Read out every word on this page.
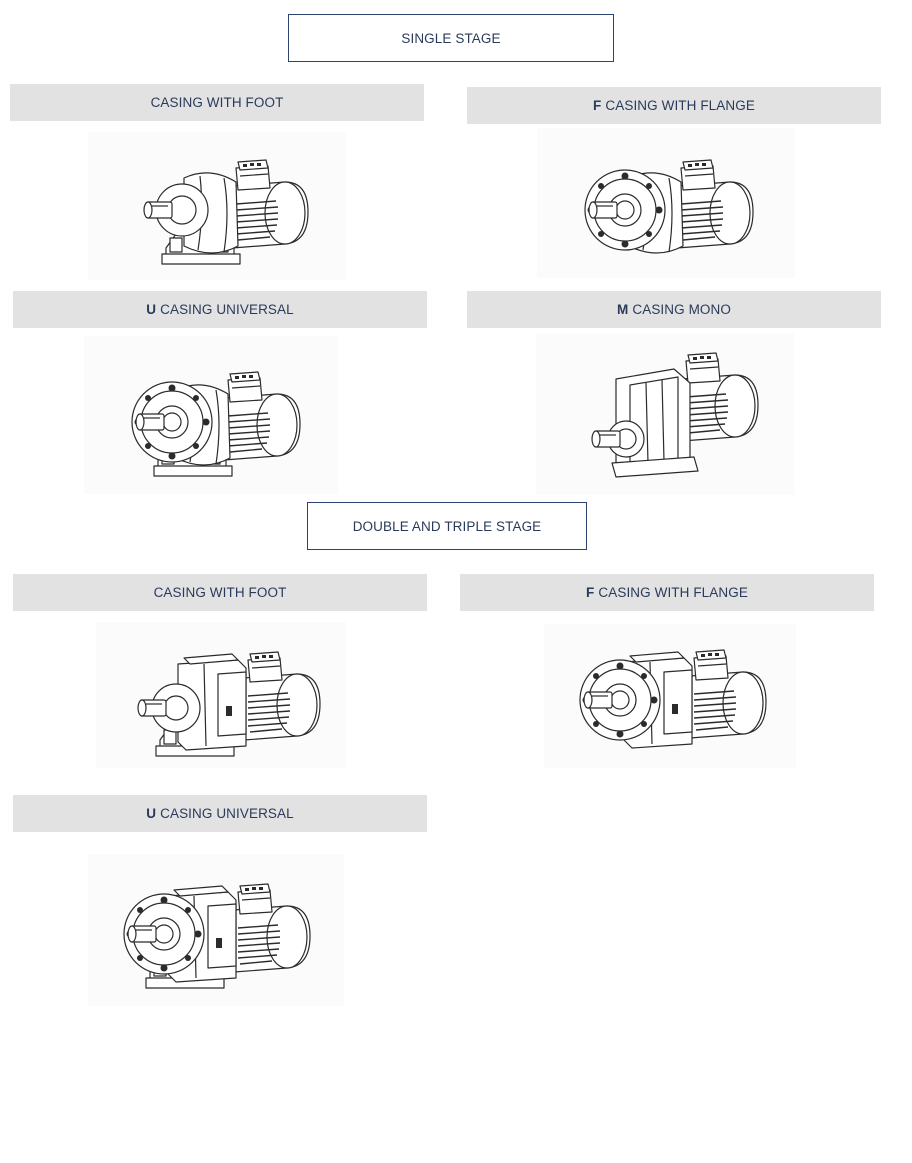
SINGLE STAGE
CASING WITH FOOT	F CASING WITH FLANGE
U CASING UNIVERSAL	M CASING MONO
DOUBLE AND TRIPLE STAGE
CASING WITH FOOT	F CASING WITH FLANGE
U CASING UNIVERSAL
